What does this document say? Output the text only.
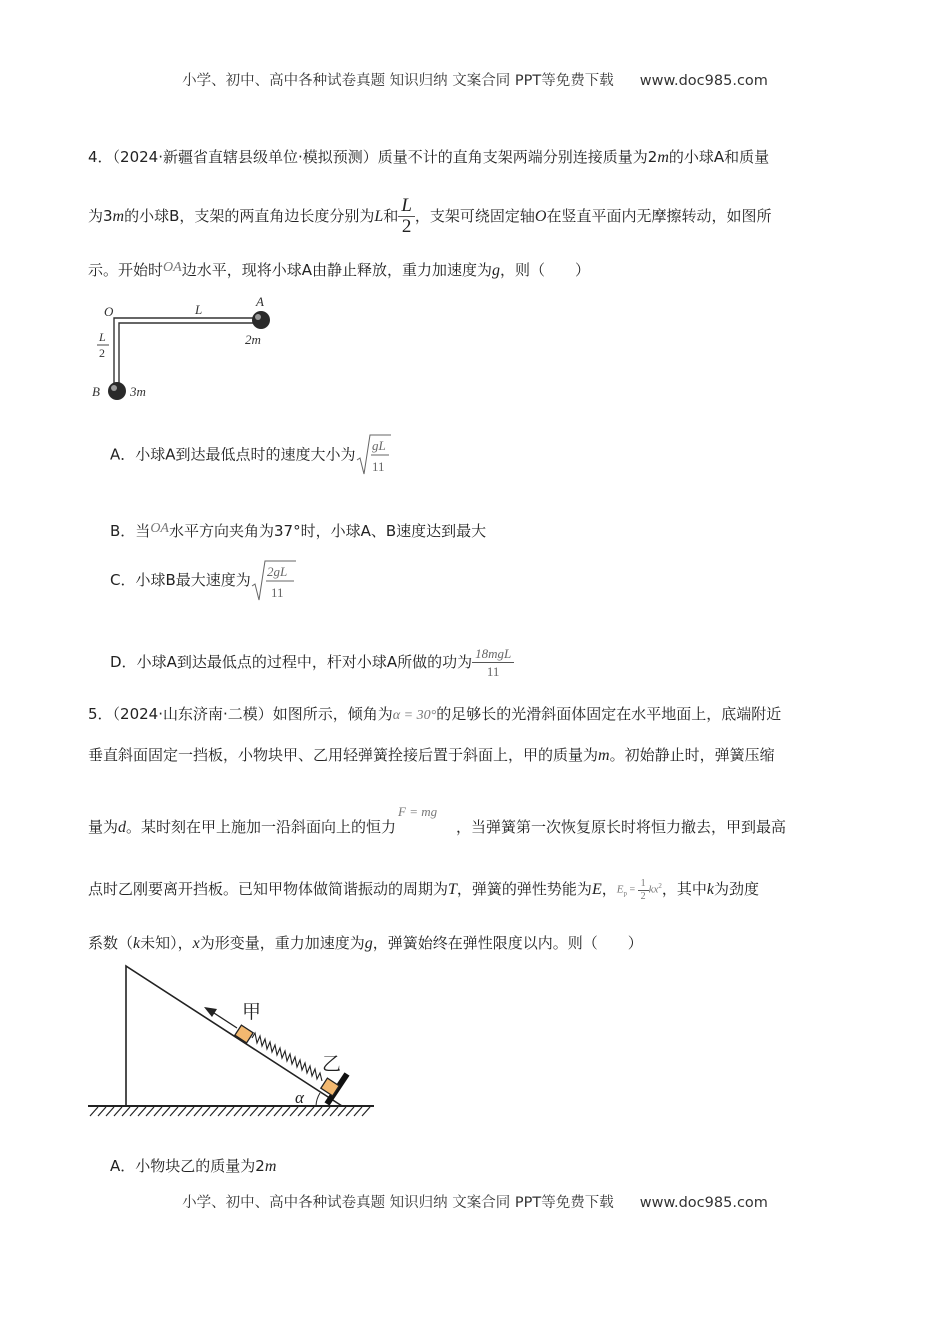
小学、初中、高中各种试卷真题 知识归纳 文案合同 PPT等免费下载 www.doc985.com
4．（2024·新疆省直辖县级单位·模拟预测）质量不计的直角支架两端分别连接质量为2m的小球A和质量
为3m的小球B，支架的两直角边长度分别为L和 $\frac{L}{2}$ ，支架可绕固定轴O在竖直平面内无摩擦转动，如图所
示。开始时OA边水平，现将小球A由静止释放，重力加速度为g，则（　　）
O
A
L
2m
L
2
B 3m
A．小球A到达最低点时的速度大小为 gL
11
B．当OA水平方向夹角为37°时，小球A、B速度达到最大
C．小球B最大速度为 2gL
11
D．小球A到达最低点的过程中，杆对小球A所做的功为 $\frac{\text{18mgL}}{11}$
5．（2024·山东济南·二模）如图所示，倾角为α = 30°的足够长的光滑斜面体固定在水平地面上，底端附近
垂直斜面固定一挡板，小物块甲、乙用轻弹簧拴接后置于斜面上，甲的质量为m。初始静止时，弹簧压缩
量为d。某时刻在甲上施加一沿斜面向上的恒力F = mg，当弹簧第一次恢复原长时将恒力撤去，甲到最高
点时乙刚要离开挡板。已知甲物体做简谐振动的周期为T，弹簧的弹性势能为E，$E_p = \frac{1}{2} kx^2$，其中k为劲度
系数（k未知），x为形变量，重力加速度为g，弹簧始终在弹性限度以内。则（　　）
α
甲
乙
A．小物块乙的质量为2m
小学、初中、高中各种试卷真题 知识归纳 文案合同 PPT等免费下载 www.doc985.com
